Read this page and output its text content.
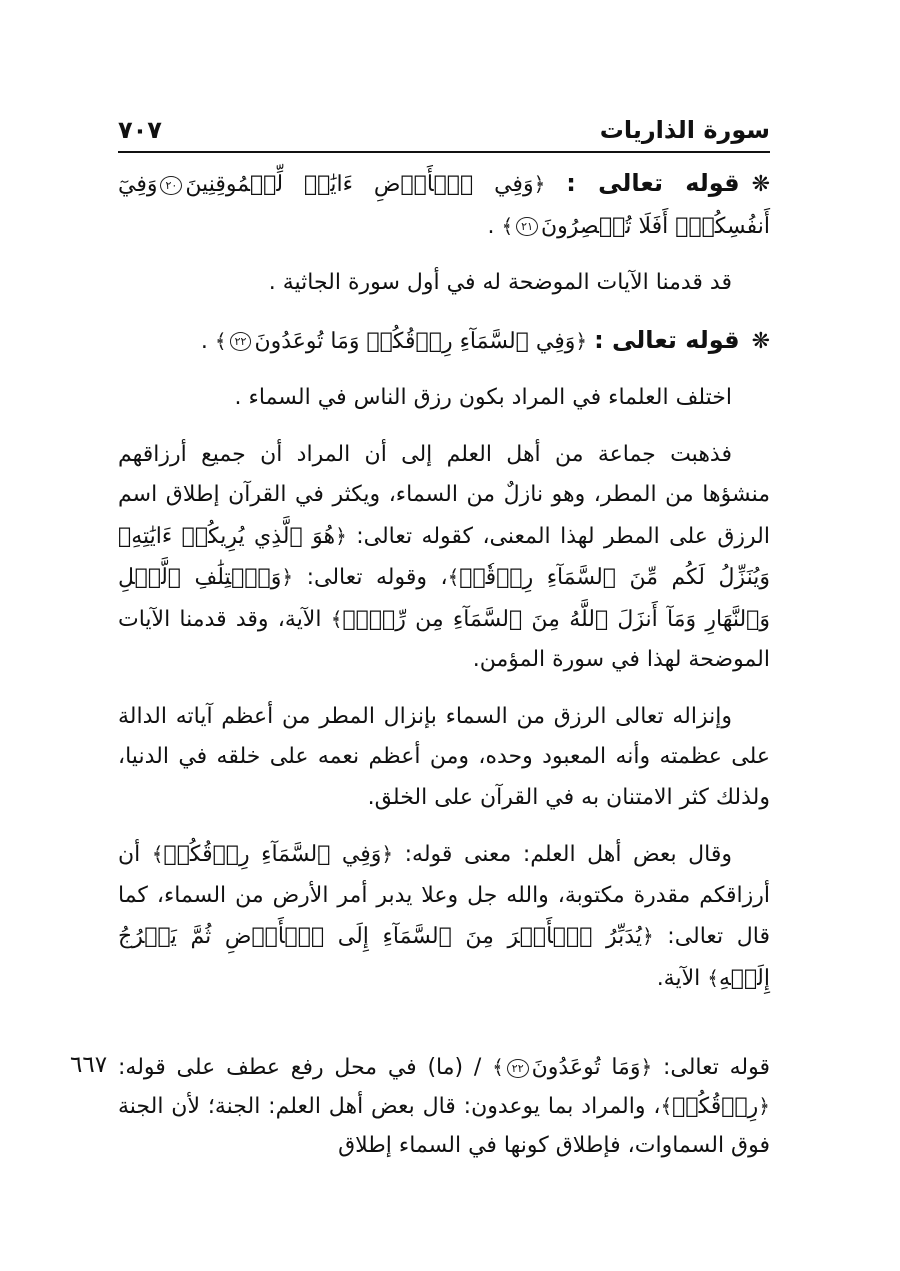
سورة الذاريات
٧٠٧

❋قوله تعالى : ﴿وَفِي ٱلۡأَرۡضِ ءَايَٰتٞ لِّلۡمُوقِنِينَ٢٠وَفِيٓ أَنفُسِكُمۡۚ أَفَلَا تُبۡصِرُونَ٢١﴾ .

قد قدمنا الآيات الموضحة له في أول سورة الجاثية .

❋قوله تعالى : ﴿وَفِي ٱلسَّمَآءِ رِزۡقُكُمۡ وَمَا تُوعَدُونَ٢٢﴾ .

اختلف العلماء في المراد بكون رزق الناس في السماء .

فذهبت جماعة من أهل العلم إلى أن المراد أن جميع أرزاقهم منشؤها من المطر، وهو نازلٌ من السماء، ويكثر في القرآن إطلاق اسم الرزق على المطر لهذا المعنى، كقوله تعالى: ﴿هُوَ ٱلَّذِي يُرِيكُمۡ ءَايَٰتِهِۦ وَيُنَزِّلُ لَكُم مِّنَ ٱلسَّمَآءِ رِزۡقٗاۚ﴾، وقوله تعالى: ﴿وَٱخۡتِلَٰفِ ٱلَّيۡلِ وَٱلنَّهَارِ وَمَآ أَنزَلَ ٱللَّهُ مِنَ ٱلسَّمَآءِ مِن رِّزۡقٖ﴾ الآية، وقد قدمنا الآيات الموضحة لهذا في سورة المؤمن.

وإنزاله تعالى الرزق من السماء بإنزال المطر من أعظم آياته الدالة على عظمته وأنه المعبود وحده، ومن أعظم نعمه على خلقه في الدنيا، ولذلك كثر الامتنان به في القرآن على الخلق.

وقال بعض أهل العلم: معنى قوله: ﴿وَفِي ٱلسَّمَآءِ رِزۡقُكُمۡ﴾ أن أرزاقكم مقدرة مكتوبة، والله جل وعلا يدبر أمر الأرض من السماء، كما قال تعالى: ﴿يُدَبِّرُ ٱلۡأَمۡرَ مِنَ ٱلسَّمَآءِ إِلَى ٱلۡأَرۡضِ ثُمَّ يَعۡرُجُ إِلَيۡهِ﴾ الآية.

٦٦٧	قوله تعالى: ﴿وَمَا تُوعَدُونَ٢٢﴾ / (ما) في محل رفع عطف على قوله: ﴿رِزۡقُكُمۡ﴾، والمراد بما يوعدون: قال بعض أهل العلم: الجنة؛ لأن الجنة فوق السماوات، فإطلاق كونها في السماء إطلاق
